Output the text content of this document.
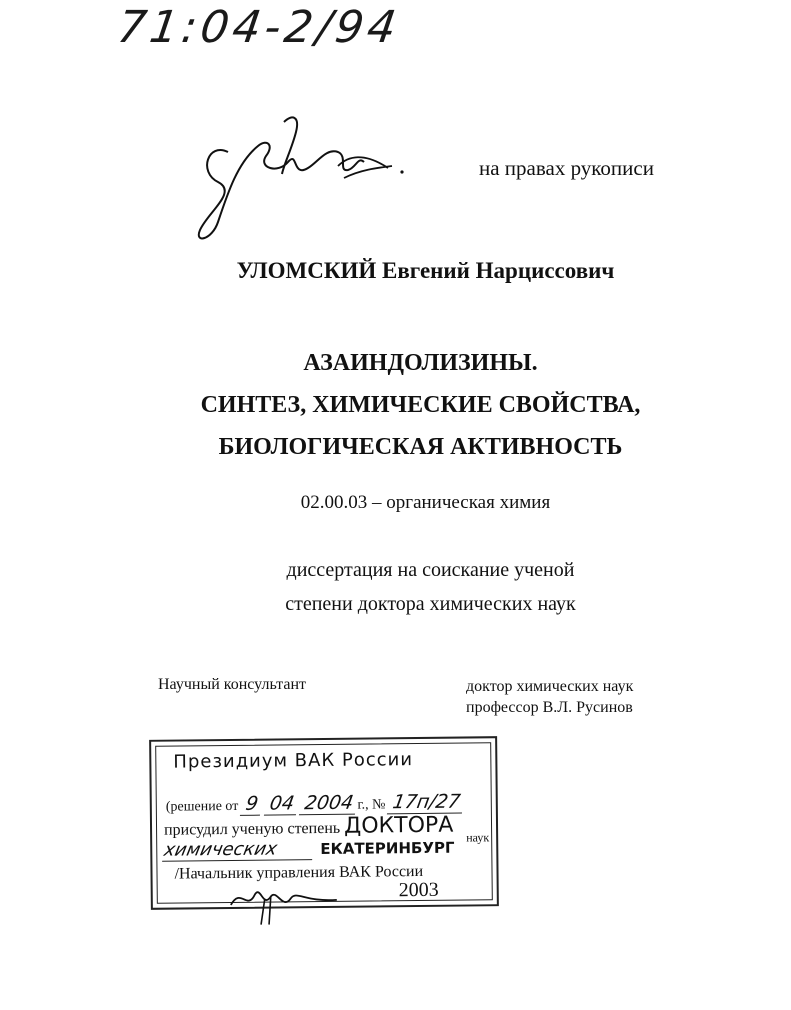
71:04-2/94
на правах рукописи
УЛОМСКИЙ Евгений Нарциссович
АЗАИНДОЛИЗИНЫ.
СИНТЕЗ, ХИМИЧЕСКИЕ СВОЙСТВА,
БИОЛОГИЧЕСКАЯ АКТИВНОСТЬ
02.00.03 – органическая химия
диссертация на соискание ученой
степени доктора химических наук
Научный консультант	доктор химических наук
профессор В.Л. Русинов
Президиум ВАК России
(решение от 9 04 2004 г., № 17п/27
присудил ученую степень ДОКТОРА
химических	ЕКАТЕРИНБУРГ
наук
/Начальник управления ВАК России
2003
